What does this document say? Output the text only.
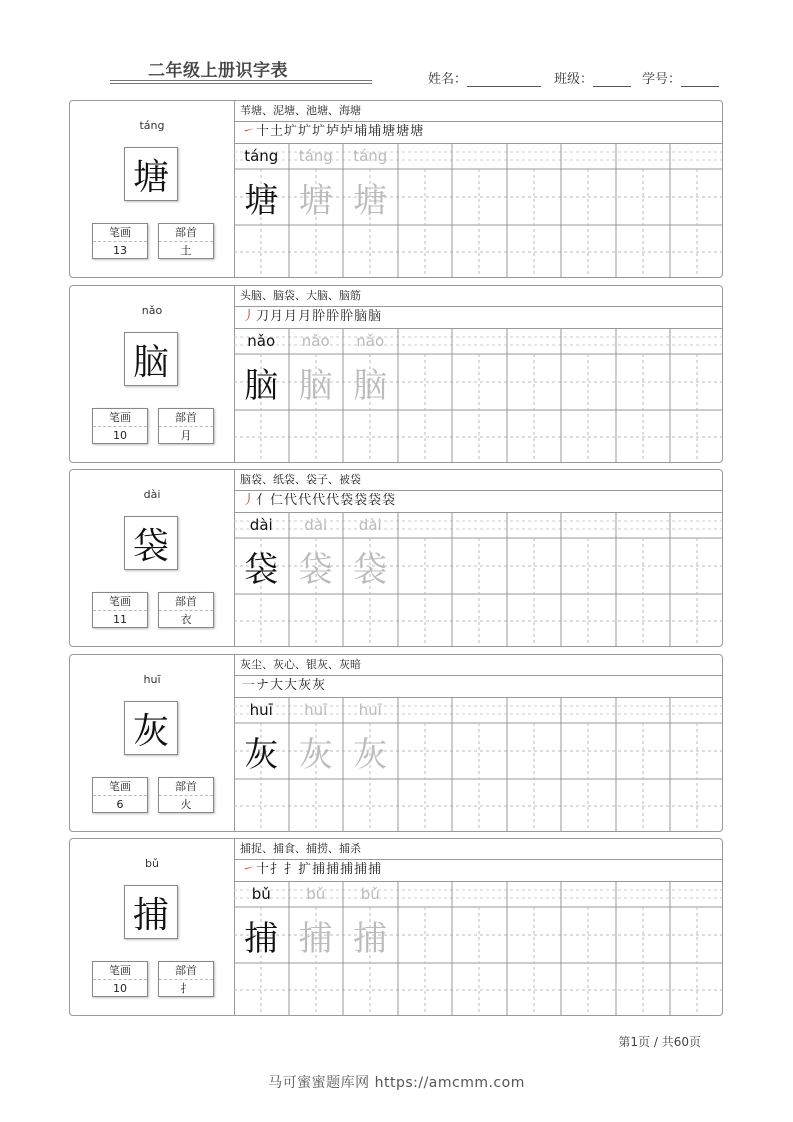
二年级上册识字表	姓名：	班级：	学号：
táng
塘
笔画
13
部首
土
苇塘、泥塘、池塘、海塘
㇀十土圹圹圹垆垆埔埔塘塘塘
táng
塘
táng
塘
táng
塘
nǎo
脑
笔画
10
部首
月
头脑、脑袋、大脑、脑筋
丿刀月月月肸肸肸脑脑
nǎo
脑
nǎo
脑
nǎo
脑
dài
袋
笔画
11
部首
衣
脑袋、纸袋、袋子、被袋
丿亻仁代代代代袋袋袋袋
dài
袋
dài
袋
dài
袋
huī
灰
笔画
6
部首
火
灰尘、灰心、银灰、灰暗
一ナ大大灰灰
huī
灰
huī
灰
huī
灰
bǔ
捕
笔画
10
部首
扌
捕捉、捕食、捕捞、捕杀
㇀十扌扌扩捕捕捕捕捕
bǔ
捕
bǔ
捕
bǔ
捕
第1页 / 共60页
马可蜜蜜题库网 https://amcmm.com
